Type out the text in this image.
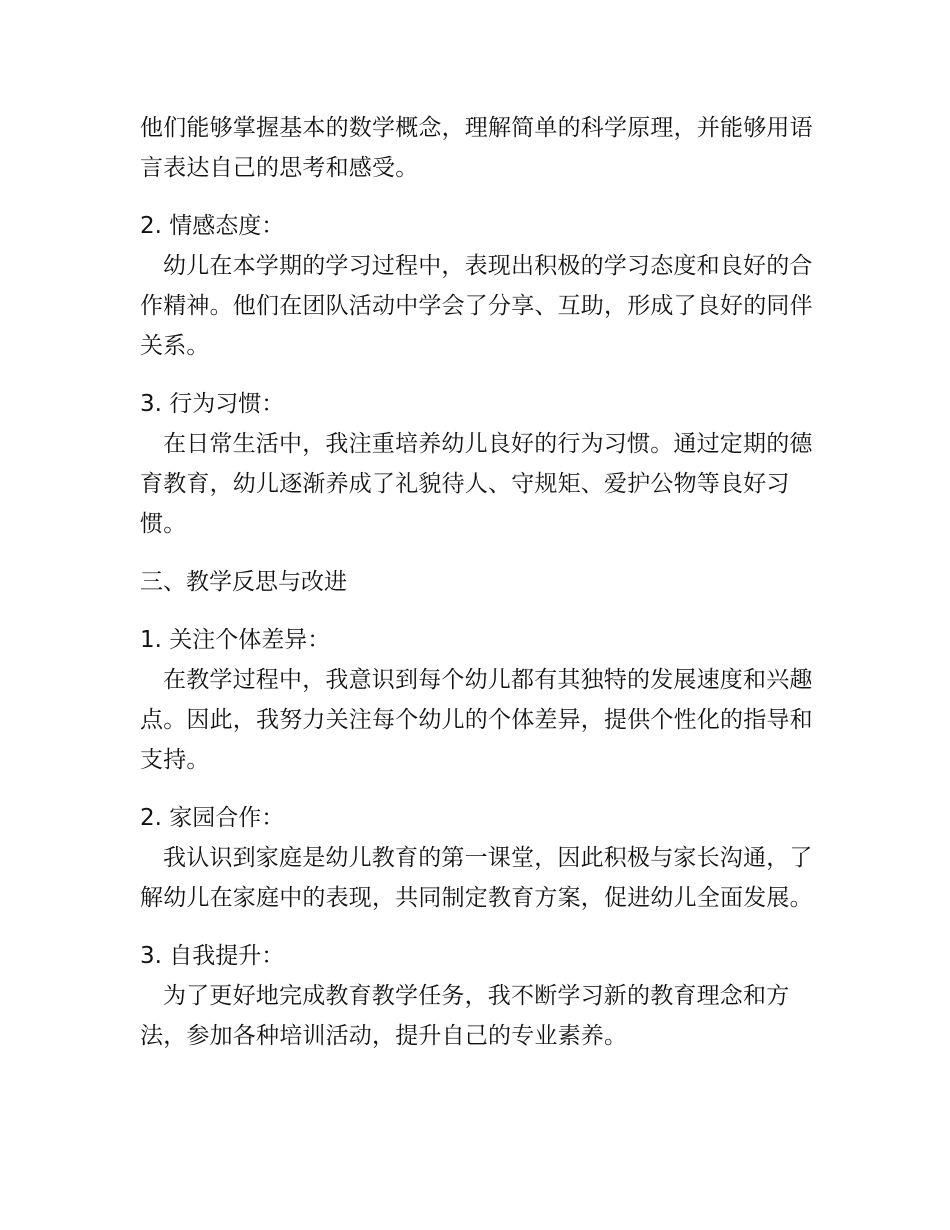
他们能够掌握基本的数学概念，理解简单的科学原理，并能够用语言表达自己的思考和感受。

2. 情感态度：

幼儿在本学期的学习过程中，表现出积极的学习态度和良好的合作精神。他们在团队活动中学会了分享、互助，形成了良好的同伴关系。

3. 行为习惯：

在日常生活中，我注重培养幼儿良好的行为习惯。通过定期的德育教育，幼儿逐渐养成了礼貌待人、守规矩、爱护公物等良好习惯。

三、教学反思与改进

1. 关注个体差异：

在教学过程中，我意识到每个幼儿都有其独特的发展速度和兴趣点。因此，我努力关注每个幼儿的个体差异，提供个性化的指导和支持。

2. 家园合作：

我认识到家庭是幼儿教育的第一课堂，因此积极与家长沟通，了解幼儿在家庭中的表现，共同制定教育方案，促进幼儿全面发展。

3. 自我提升：

为了更好地完成教育教学任务，我不断学习新的教育理念和方法，参加各种培训活动，提升自己的专业素养。
